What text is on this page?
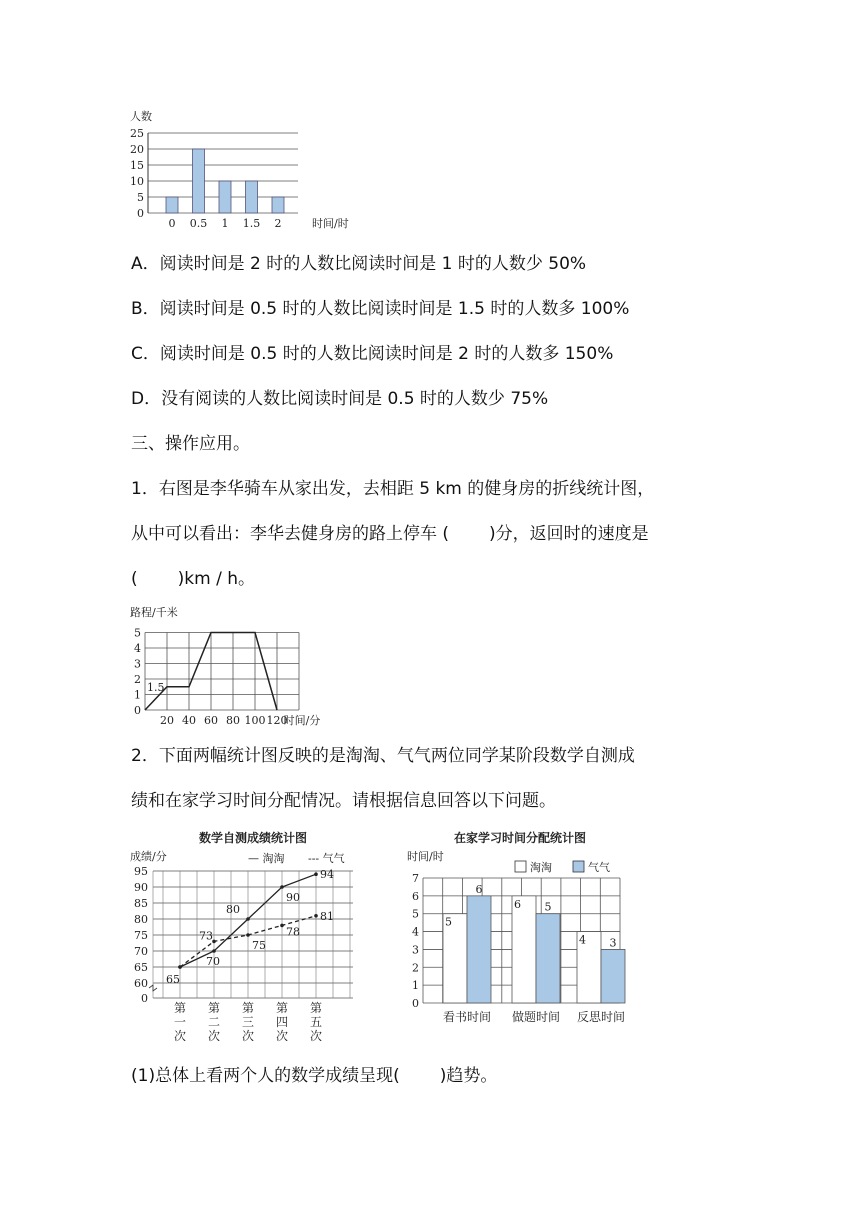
人数
0
5
10
15
20
25
0 0.5 1 1.5 2	时间/时
A．阅读时间是 2 时的人数比阅读时间是 1 时的人数少 50%
B．阅读时间是 0.5 时的人数比阅读时间是 1.5 时的人数多 100%
C．阅读时间是 0.5 时的人数比阅读时间是 2 时的人数多 150%
D．没有阅读的人数比阅读时间是 0.5 时的人数少 75%
三、操作应用。
1．右图是李华骑车从家出发，去相距 5 km 的健身房的折线统计图，
从中可以看出：李华去健身房的路上停车 ( )分，返回时的速度是
( )km / h。
路程/千米
0
1
2
3
4
5
20 40 60 80 100 120
时间/分
1.5
2．下面两幅统计图反映的是淘淘、气气两位同学某阶段数学自测成
绩和在家学习时间分配情况。请根据信息回答以下问题。
数学自测成绩统计图
成绩/分	— 淘淘 --- 气气
0
60
65
70
75
80
85
90
95
第一次
第二次
第三次
第四次
第五次
65
70
80
90
94
73
75
78
81
在家学习时间分配统计图
时间/时
淘淘	气气
0
1
2
3
4
5
6
7
5
6
看书时间
6 5
做题时间
4 3
反思时间
(1)总体上看两个人的数学成绩呈现( )趋势。
